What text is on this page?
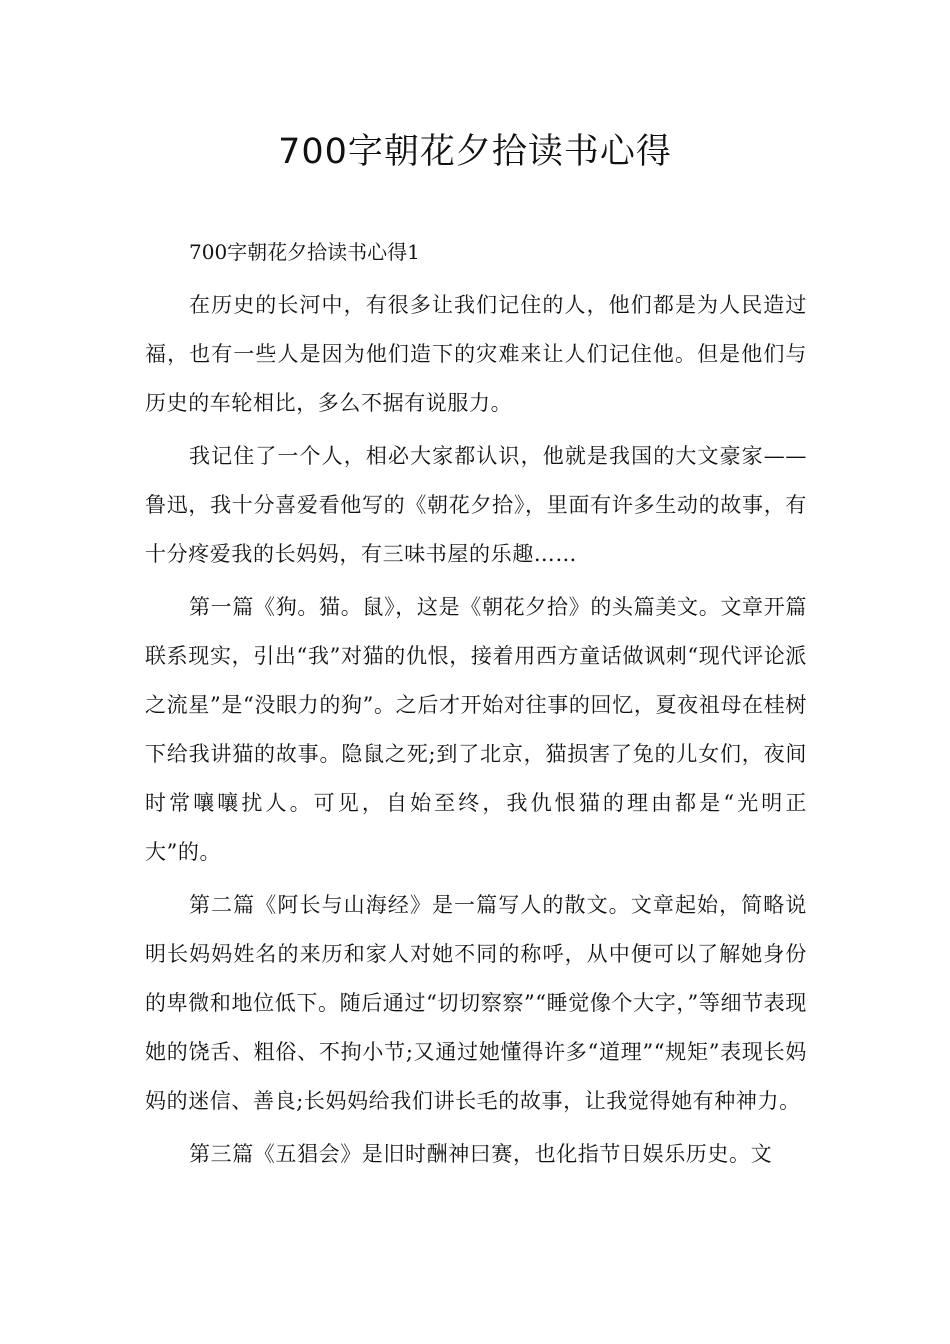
700字朝花夕拾读书心得

700字朝花夕拾读书心得1

在历史的长河中，有很多让我们记住的人，他们都是为人民造过福，也有一些人是因为他们造下的灾难来让人们记住他。但是他们与历史的车轮相比，多么不据有说服力。

我记住了一个人，相必大家都认识，他就是我国的大文豪家——鲁迅，我十分喜爱看他写的《朝花夕拾》，里面有许多生动的故事，有十分疼爱我的长妈妈，有三味书屋的乐趣……

第一篇《狗。猫。鼠》，这是《朝花夕拾》的头篇美文。文章开篇联系现实，引出“我”对猫的仇恨，接着用西方童话做讽刺“现代评论派之流星”是“没眼力的狗”。之后才开始对往事的回忆，夏夜祖母在桂树下给我讲猫的故事。隐鼠之死;到了北京，猫损害了兔的儿女们，夜间时常嚷嚷扰人。可见，自始至终，我仇恨猫的理由都是“光明正大”的。

第二篇《阿长与山海经》是一篇写人的散文。文章起始，简略说明长妈妈姓名的来历和家人对她不同的称呼，从中便可以了解她身份的卑微和地位低下。随后通过“切切察察”“睡觉像个大字，”等细节表现她的饶舌、粗俗、不拘小节;又通过她懂得许多“道理”“规矩”表现长妈妈的迷信、善良;长妈妈给我们讲长毛的故事，让我觉得她有种神力。

第三篇《五猖会》是旧时酬神曰赛，也化指节日娱乐历史。文
